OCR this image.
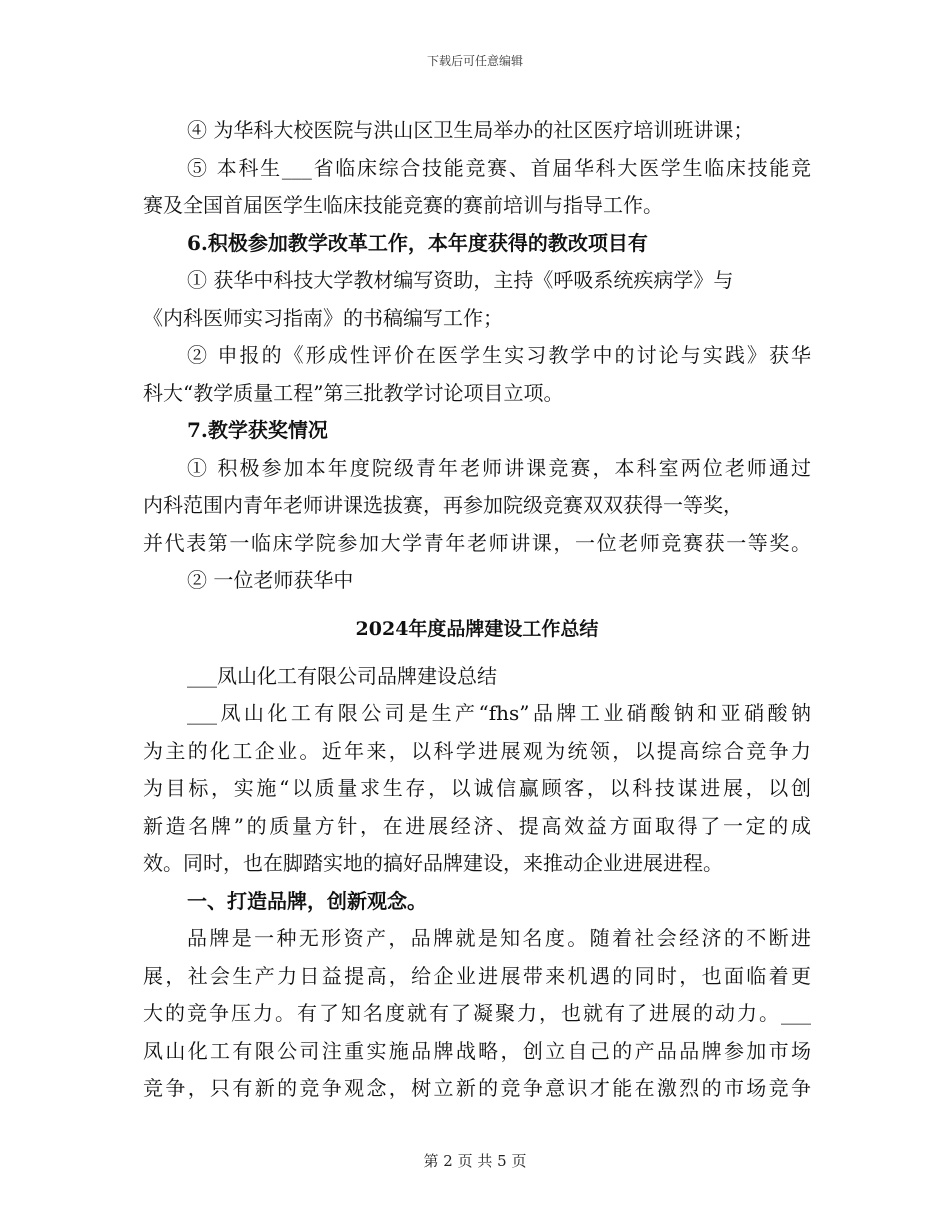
下载后可任意编辑
④ 为华科大校医院与洪山区卫生局举办的社区医疗培训班讲课；
⑤ 本科生___省临床综合技能竞赛、首届华科大医学生临床技能竞
赛及全国首届医学生临床技能竞赛的赛前培训与指导工作。
6.积极参加教学改革工作，本年度获得的教改项目有
① 获华中科技大学教材编写资助，主持《呼吸系统疾病学》与
《内科医师实习指南》的书稿编写工作；
② 申报的《形成性评价在医学生实习教学中的讨论与实践》获华
科大“教学质量工程”第三批教学讨论项目立项。
7.教学获奖情况
① 积极参加本年度院级青年老师讲课竞赛，本科室两位老师通过
内科范围内青年老师讲课选拔赛，再参加院级竞赛双双获得一等奖，
并代表第一临床学院参加大学青年老师讲课，一位老师竞赛获一等奖。
② 一位老师获华中
2024年度品牌建设工作总结
___凤山化工有限公司品牌建设总结
___凤山化工有限公司是生产“fhs”品牌工业硝酸钠和亚硝酸钠
为主的化工企业。近年来，以科学进展观为统领，以提高综合竞争力
为目标，实施“以质量求生存，以诚信赢顾客，以科技谋进展，以创
新造名牌”的质量方针，在进展经济、提高效益方面取得了一定的成
效。同时，也在脚踏实地的搞好品牌建设，来推动企业进展进程。
一、打造品牌，创新观念。
品牌是一种无形资产，品牌就是知名度。随着社会经济的不断进
展，社会生产力日益提高，给企业进展带来机遇的同时，也面临着更
大的竞争压力。有了知名度就有了凝聚力，也就有了进展的动力。___
凤山化工有限公司注重实施品牌战略，创立自己的产品品牌参加市场
竞争，只有新的竞争观念，树立新的竞争意识才能在激烈的市场竞争
第 2 页 共 5 页
